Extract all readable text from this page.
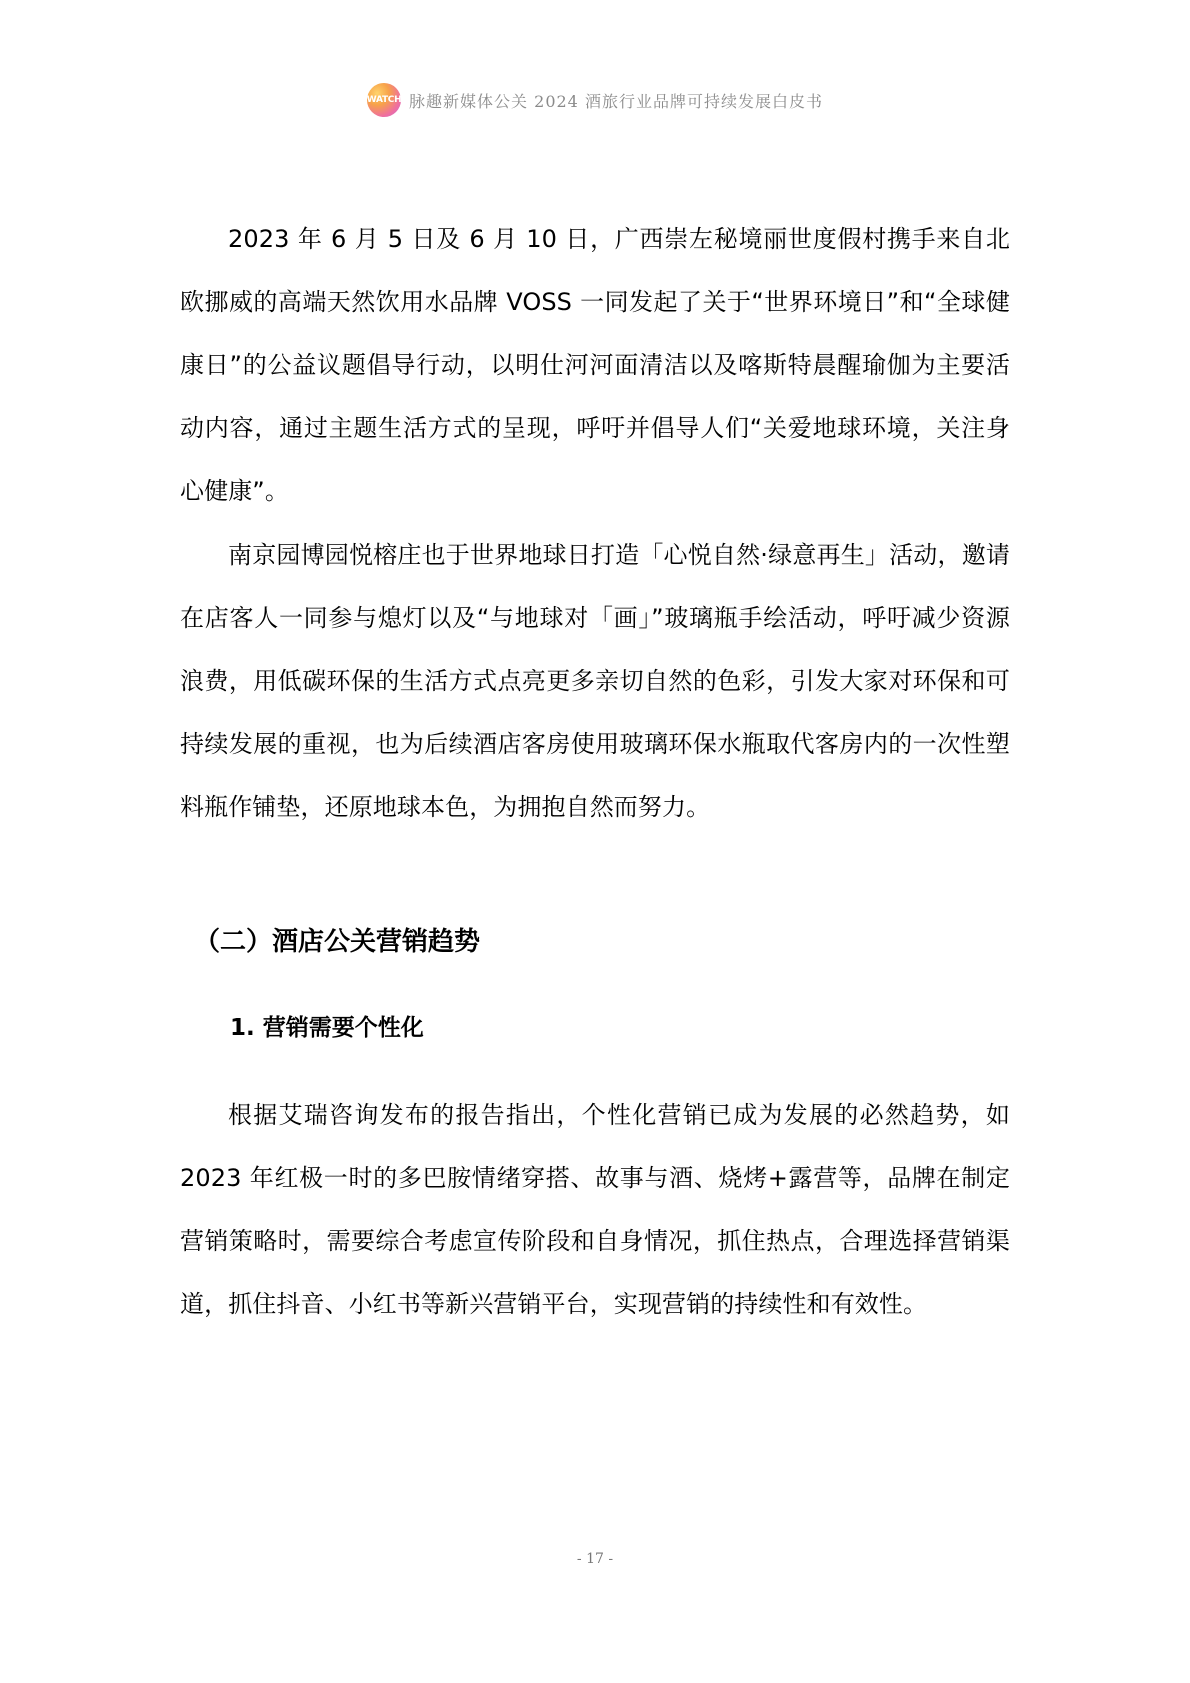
WATCH 脉趣新媒体公关 2024 酒旅行业品牌可持续发展白皮书

2023 年 6 月 5 日及 6 月 10 日，广西崇左秘境丽世度假村携手来自北欧挪威的高端天然饮用水品牌 VOSS 一同发起了关于“世界环境日”和“全球健康日”的公益议题倡导行动，以明仕河河面清洁以及喀斯特晨醒瑜伽为主要活动内容，通过主题生活方式的呈现，呼吁并倡导人们“关爱地球环境，关注身心健康”。

南京园博园悦榕庄也于世界地球日打造「心悦自然·绿意再生」活动，邀请在店客人一同参与熄灯以及“与地球对「画」”玻璃瓶手绘活动，呼吁减少资源浪费，用低碳环保的生活方式点亮更多亲切自然的色彩，引发大家对环保和可持续发展的重视，也为后续酒店客房使用玻璃环保水瓶取代客房内的一次性塑料瓶作铺垫，还原地球本色，为拥抱自然而努力。

（二）酒店公关营销趋势
1. 营销需要个性化

根据艾瑞咨询发布的报告指出，个性化营销已成为发展的必然趋势，如 2023 年红极一时的多巴胺情绪穿搭、故事与酒、烧烤+露营等，品牌在制定营销策略时，需要综合考虑宣传阶段和自身情况，抓住热点，合理选择营销渠道，抓住抖音、小红书等新兴营销平台，实现营销的持续性和有效性。

- 17 -
